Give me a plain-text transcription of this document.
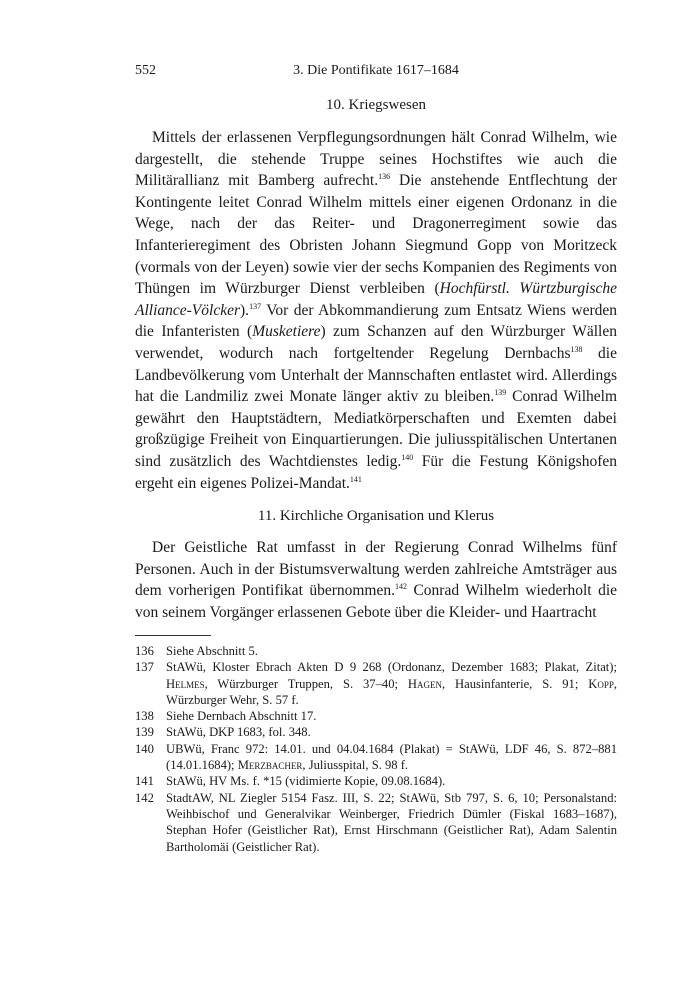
552	3. Die Pontifikate 1617–1684
10. Kriegswesen

Mittels der erlassenen Verpflegungsordnungen hält Conrad Wilhelm, wie dargestellt, die stehende Truppe seines Hochstiftes wie auch die Militärallianz mit Bamberg aufrecht.$^{136}$ Die anstehende Entflechtung der Kontingente leitet Conrad Wilhelm mittels einer eigenen Ordonanz in die Wege, nach der das Reiter- und Dragonerregiment sowie das Infanterieregiment des Obristen Johann Siegmund Gopp von Moritzeck (vormals von der Leyen) sowie vier der sechs Kompanien des Regiments von Thüngen im Würzburger Dienst verbleiben (Hochfürstl. Würtzburgische Alliance-Völcker).$^{137}$ Vor der Abkommandierung zum Entsatz Wiens werden die Infanteristen (Musketiere) zum Schanzen auf den Würzburger Wällen verwendet, wodurch nach fortgeltender Regelung Dernbachs$^{138}$ die Landbevölkerung vom Unterhalt der Mannschaften entlastet wird. Allerdings hat die Landmiliz zwei Monate länger aktiv zu bleiben.$^{139}$ Conrad Wilhelm gewährt den Hauptstädtern, Mediatkörperschaften und Exemten dabei großzügige Freiheit von Einquartierungen. Die juliusspitälischen Untertanen sind zusätzlich des Wachtdienstes ledig.$^{140}$ Für die Festung Königshofen ergeht ein eigenes Polizei-Mandat.$^{141}$

11. Kirchliche Organisation und Klerus

Der Geistliche Rat umfasst in der Regierung Conrad Wilhelms fünf Personen. Auch in der Bistumsverwaltung werden zahlreiche Amtsträger aus dem vorherigen Pontifikat übernommen.$^{142}$ Conrad Wilhelm wiederholt die von seinem Vorgänger erlassenen Gebote über die Kleider- und Haartracht

136 Siehe Abschnitt 5.
137 StAWü, Kloster Ebrach Akten D 9 268 (Ordonanz, Dezember 1683; Plakat, Zitat); Helmes, Würzburger Truppen, S. 37–40; Hagen, Hausinfanterie, S. 91; Kopp, Würzburger Wehr, S. 57 f.
138 Siehe Dernbach Abschnitt 17.
139 StAWü, DKP 1683, fol. 348.
140 UBWü, Franc 972: 14.01. und 04.04.1684 (Plakat) = StAWü, LDF 46, S. 872–881 (14.01.1684); Merzbacher, Juliusspital, S. 98 f.
141 StAWü, HV Ms. f. *15 (vidimierte Kopie, 09.08.1684).
142 StadtAW, NL Ziegler 5154 Fasz. III, S. 22; StAWü, Stb 797, S. 6, 10; Personalstand: Weihbischof und Generalvikar Weinberger, Friedrich Dümler (Fiskal 1683–1687), Stephan Hofer (Geistlicher Rat), Ernst Hirschmann (Geistlicher Rat), Adam Salentin Bartholomäi (Geistlicher Rat).
